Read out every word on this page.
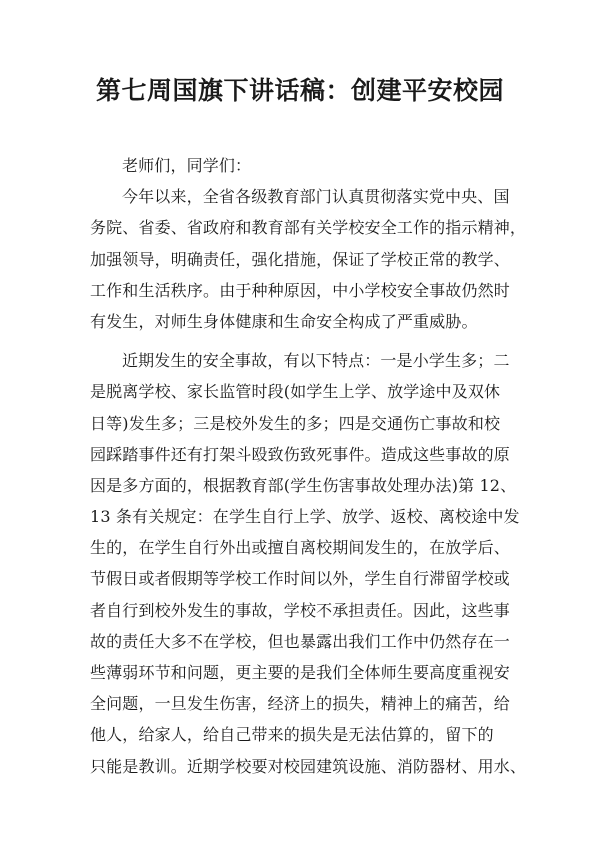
第七周国旗下讲话稿：创建平安校园
老师们，同学们：
今年以来，全省各级教育部门认真贯彻落实党中央、国
务院、省委、省政府和教育部有关学校安全工作的指示精神，
加强领导，明确责任，强化措施，保证了学校正常的教学、
工作和生活秩序。由于种种原因，中小学校安全事故仍然时
有发生，对师生身体健康和生命安全构成了严重威胁。
近期发生的安全事故，有以下特点：一是小学生多；二
是脱离学校、家长监管时段(如学生上学、放学途中及双休
日等)发生多；三是校外发生的多；四是交通伤亡事故和校
园踩踏事件还有打架斗殴致伤致死事件。造成这些事故的原
因是多方面的，根据教育部(学生伤害事故处理办法)第 12、
13 条有关规定：在学生自行上学、放学、返校、离校途中发
生的，在学生自行外出或擅自离校期间发生的，在放学后、
节假日或者假期等学校工作时间以外，学生自行滞留学校或
者自行到校外发生的事故，学校不承担责任。因此，这些事
故的责任大多不在学校，但也暴露出我们工作中仍然存在一
些薄弱环节和问题，更主要的是我们全体师生要高度重视安
全问题，一旦发生伤害，经济上的损失，精神上的痛苦，给
他人，给家人，给自己带来的损失是无法估算的，留下的
只能是教训。近期学校要对校园建筑设施、消防器材、用水、
